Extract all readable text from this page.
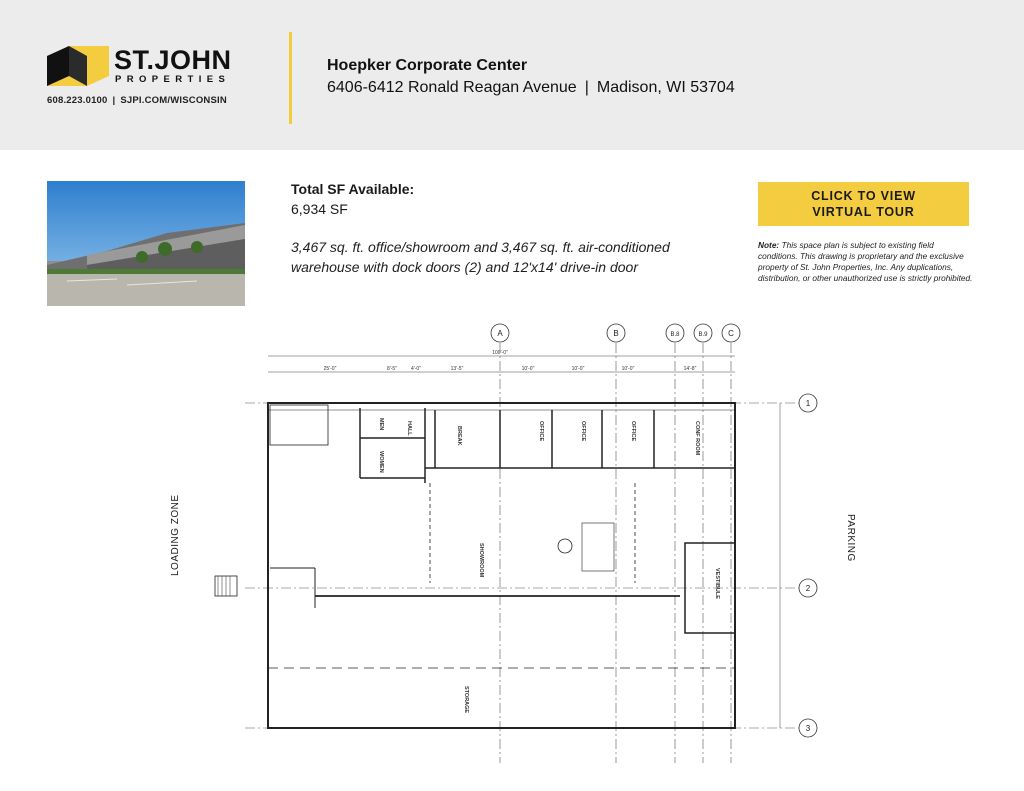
ST.JOHN
PROPERTIES
608.223.0100 | SJPI.COM/WISCONSIN
Hoepker Corporate Center
6406-6412 Ronald Reagan Avenue | Madison, WI 53704
Total SF Available:
6,934 SF
3,467 sq. ft. office/showroom and 3,467 sq. ft. air-conditioned warehouse with dock doors (2) and 12'x14' drive-in door
CLICK TO VIEW
VIRTUAL TOUR
Note: This space plan is subject to existing field conditions. This drawing is proprietary and the exclusive property of St. John Properties, Inc. Any duplications, distribution, or other unauthorized use is strictly prohibited.
LOADING ZONE	PARKING
A	B	B.8	B.9	C
1
2
3
100'-0"
25'-0"	8'-5"	4'-0"	13'-5"	10'-0"	10'-0"	10'-0"	14'-8"
MEN
WOMEN
HALL	BREAK	OFFICE	OFFICE	OFFICE	CONF ROOM
SHOWROOM
VESTIBULE
STORAGE
